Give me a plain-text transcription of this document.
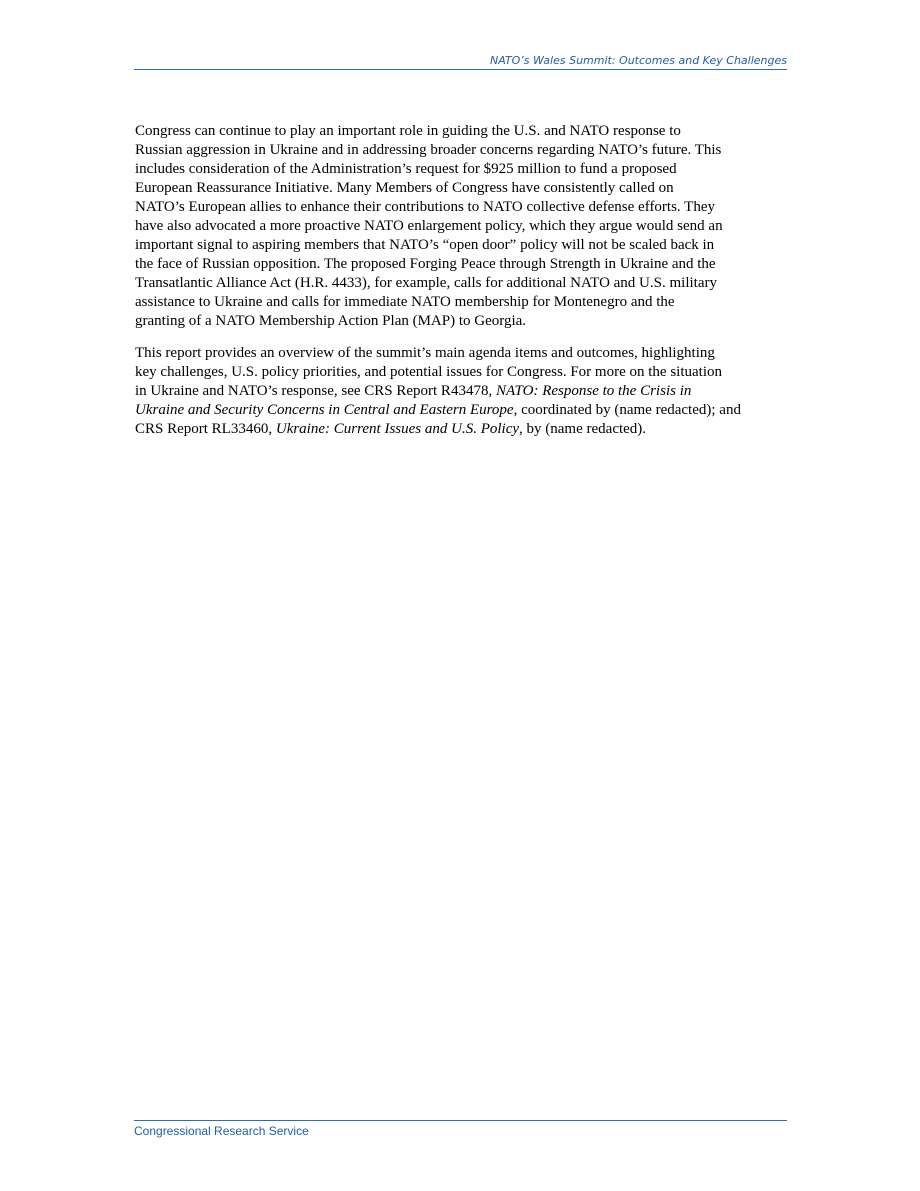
NATO’s Wales Summit: Outcomes and Key Challenges

Congress can continue to play an important role in guiding the U.S. and NATO response to
Russian aggression in Ukraine and in addressing broader concerns regarding NATO’s future. This
includes consideration of the Administration’s request for $925 million to fund a proposed
European Reassurance Initiative. Many Members of Congress have consistently called on
NATO’s European allies to enhance their contributions to NATO collective defense efforts. They
have also advocated a more proactive NATO enlargement policy, which they argue would send an
important signal to aspiring members that NATO’s “open door” policy will not be scaled back in
the face of Russian opposition. The proposed Forging Peace through Strength in Ukraine and the
Transatlantic Alliance Act (H.R. 4433), for example, calls for additional NATO and U.S. military
assistance to Ukraine and calls for immediate NATO membership for Montenegro and the
granting of a NATO Membership Action Plan (MAP) to Georgia.

This report provides an overview of the summit’s main agenda items and outcomes, highlighting
key challenges, U.S. policy priorities, and potential issues for Congress. For more on the situation
in Ukraine and NATO’s response, see CRS Report R43478, NATO: Response to the Crisis in
Ukraine and Security Concerns in Central and Eastern Europe, coordinated by (name redacted); and
CRS Report RL33460, Ukraine: Current Issues and U.S. Policy, by (name redacted).

Congressional Research Service
